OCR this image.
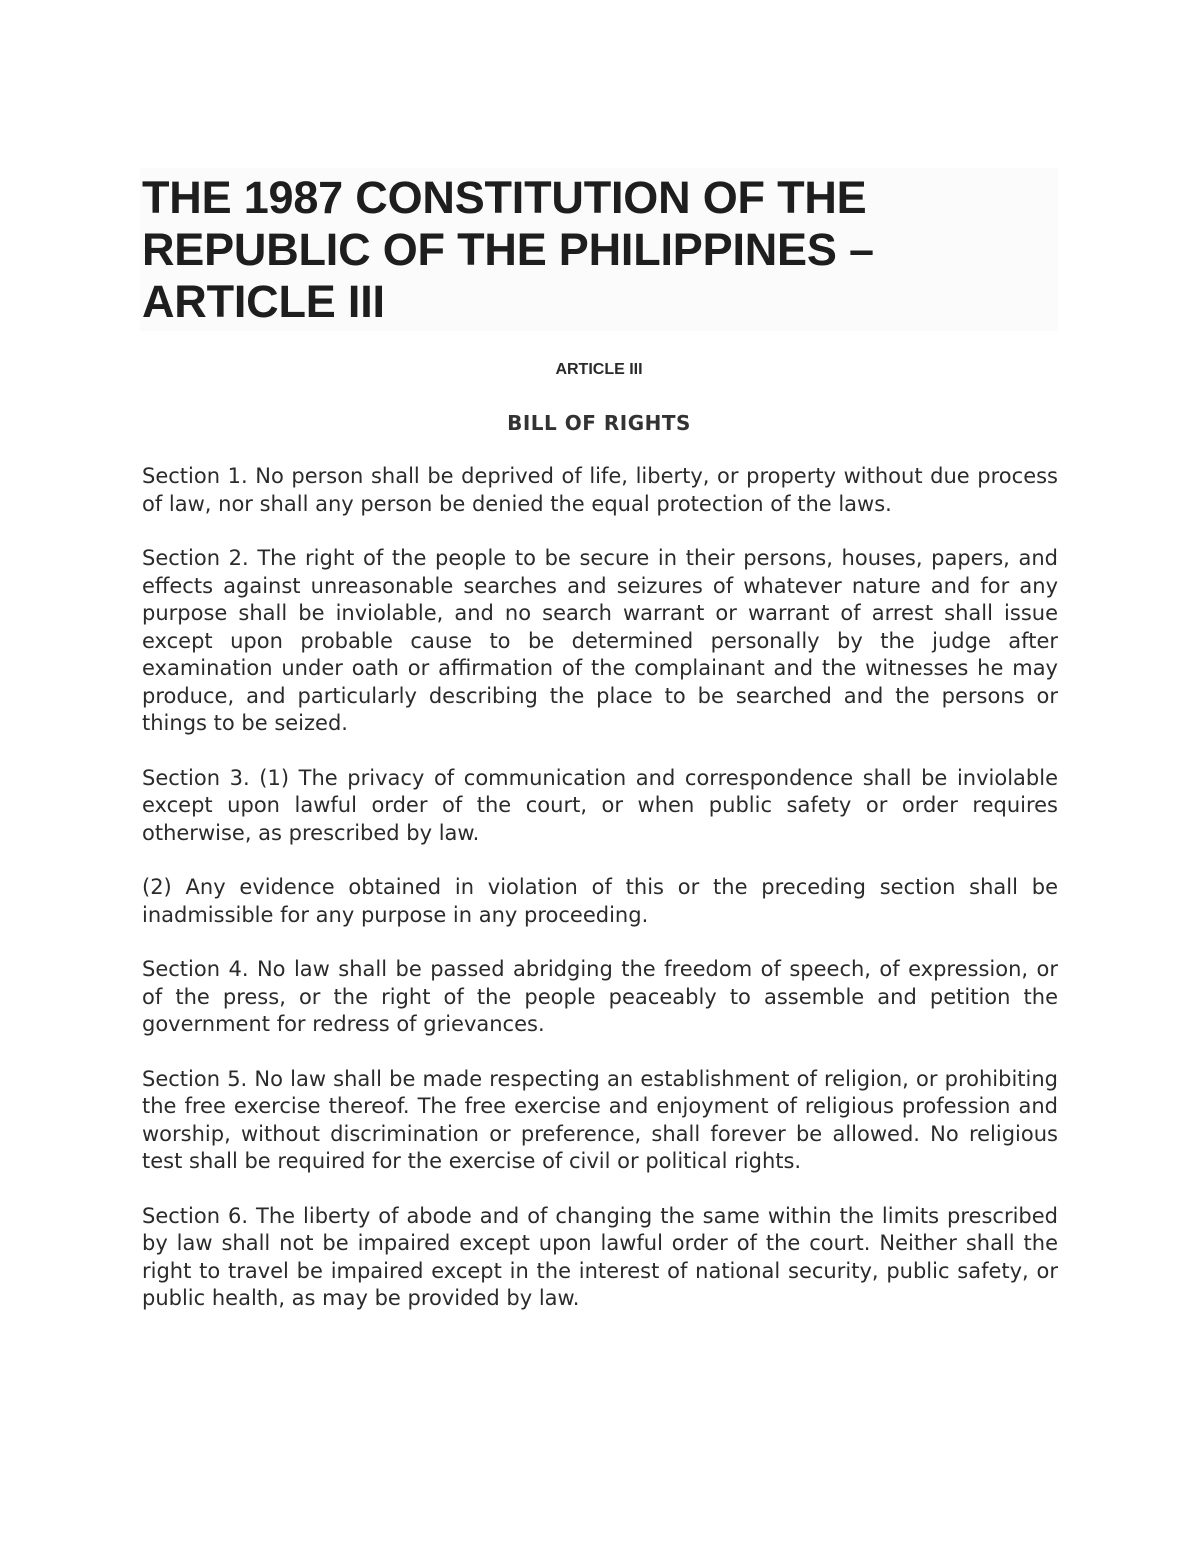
THE 1987 CONSTITUTION OF THE REPUBLIC OF THE PHILIPPINES – ARTICLE III
ARTICLE III
BILL OF RIGHTS

Section 1. No person shall be deprived of life, liberty, or property without due process of law, nor shall any person be denied the equal protection of the laws.

Section 2. The right of the people to be secure in their persons, houses, papers, and effects against unreasonable searches and seizures of whatever nature and for any purpose shall be inviolable, and no search warrant or warrant of arrest shall issue except upon probable cause to be determined personally by the judge after examination under oath or affirmation of the complainant and the witnesses he may produce, and particularly describing the place to be searched and the persons or things to be seized.

Section 3. (1) The privacy of communication and correspondence shall be inviolable except upon lawful order of the court, or when public safety or order requires otherwise, as prescribed by law.

(2) Any evidence obtained in violation of this or the preceding section shall be inadmissible for any purpose in any proceeding.

Section 4. No law shall be passed abridging the freedom of speech, of expression, or of the press, or the right of the people peaceably to assemble and petition the government for redress of grievances.

Section 5. No law shall be made respecting an establishment of religion, or prohibiting the free exercise thereof. The free exercise and enjoyment of religious profession and worship, without discrimination or preference, shall forever be allowed. No religious test shall be required for the exercise of civil or political rights.

Section 6. The liberty of abode and of changing the same within the limits prescribed by law shall not be impaired except upon lawful order of the court. Neither shall the right to travel be impaired except in the interest of national security, public safety, or public health, as may be provided by law.
